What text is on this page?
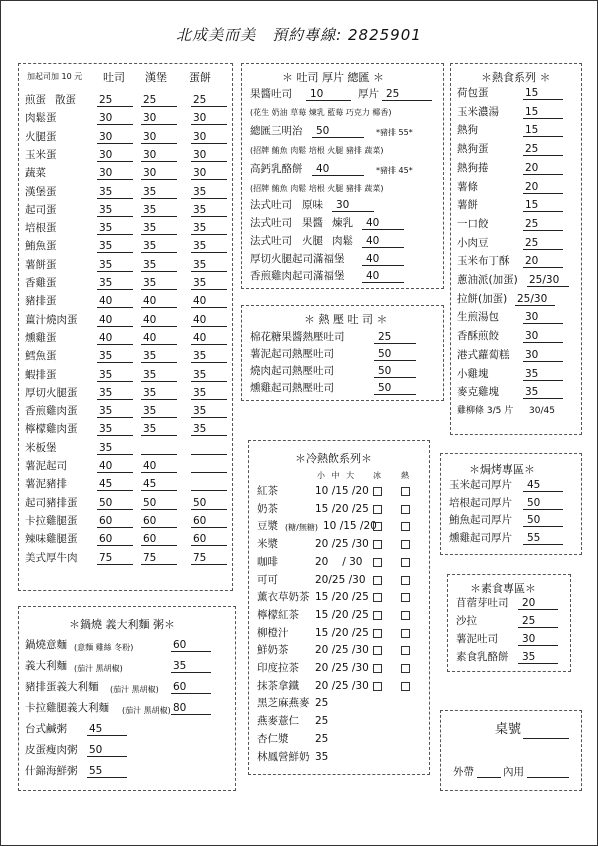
北成美而美　預約專線: 2825901
加起司加 10 元 吐司 漢堡 蛋餅
煎蛋 散蛋 25	25	25
肉鬆蛋	30	30	30
火腿蛋	30	30	30
玉米蛋	30	30	30
蔬菜	30	30	30
漢堡蛋	35	35	35
起司蛋	35	35	35
培根蛋	35	35	35
鮪魚蛋	35	35	35
薯餅蛋	35	35	35
香雞蛋	35	35	35
豬排蛋	40	40	40
薑汁燒肉蛋 40	40	40
燻雞蛋	40	40	40
鱈魚蛋	35	35	35
蝦排蛋	35	35	35
厚切火腿蛋 35	35	35
香煎雞肉蛋 35	35	35
檸檬雞肉蛋 35	35	35
米板堡	35
薯泥起司	40	40
薯泥豬排	45	45
起司豬排蛋 50	50	50
卡拉雞腿蛋 60	60	60
辣味雞腿蛋 60	60	60
美式厚牛肉 75	75	75
＊ 吐司 厚片 總匯 ＊
果醬吐司 10	厚片 25
(花生 奶油 草莓 煉乳 藍莓 巧克力 椰香)
總匯三明治 50	*豬排 55*
(招牌 鮪魚 肉鬆 培根 火腿 豬排 蔬菜)
高鈣乳酪餅 40	*豬排 45*
(招牌 鮪魚 肉鬆 培根 火腿 豬排 蔬菜)
法式吐司 原味 30
法式吐司 果醬 煉乳 40
法式吐司 火腿 肉鬆 40
厚切火腿起司滿福堡 40
香煎雞肉起司滿福堡 40
＊ 熱 壓 吐 司 ＊
棉花糖果醬熱壓吐司	25
薯泥起司熱壓吐司	50
燒肉起司熱壓吐司	50
燻雞起司熱壓吐司	50
＊冷熱飲系列＊
小 中 大 冰	熱
紅茶	10 /15 /20
奶茶	15 /20 /25
豆漿 (糖/無糖) 10 /15 /20
米漿	20 /25 /30
咖啡	20 　/ 30
可可	20/25 /30
薰衣草奶茶 15 /20 /25
檸檬紅茶 15 /20 /25
柳橙汁	15 /20 /25
鮮奶茶	20 /25 /30
印度拉茶 20 /25 /30
抹茶拿鐵 20 /25 /30
黑芝麻燕麥 25
燕麥薏仁 25
杏仁漿	25
林鳳營鮮奶 35
＊鍋燒 義大利麵 粥＊
鍋燒意麵 (意麵 雞絲 冬粉)	60
義大利麵 (茄汁 黑胡椒)	35
豬排蛋義大利麵 (茄汁 黑胡椒) 60
卡拉雞腿義大利麵 (茄汁 黑胡椒) 80
台式鹹粥 45
皮蛋瘦肉粥 50
什錦海鮮粥 55
＊熱食系列 ＊
荷包蛋	15
玉米濃湯 15
熱狗	15
熱狗蛋	25
熱狗捲	20
薯條	20
薯餅	15
一口餃	25
小肉豆	25
玉米布丁酥 20
蔥油派(加蛋) 25/30
拉餅(加蛋) 25/30
生煎湯包 30
香酥煎餃 30
港式蘿蔔糕 30
小雞塊	35
麥克雞塊 35
雞柳條 3/5 片 30/45
＊焗烤專區＊
玉米起司厚片 45
培根起司厚片 50
鮪魚起司厚片 50
燻雞起司厚片 55
＊素食專區＊
苜蓿芽吐司 20
沙拉	25
薯泥吐司 30
素食乳酪餅 35
桌號
外帶	內用
